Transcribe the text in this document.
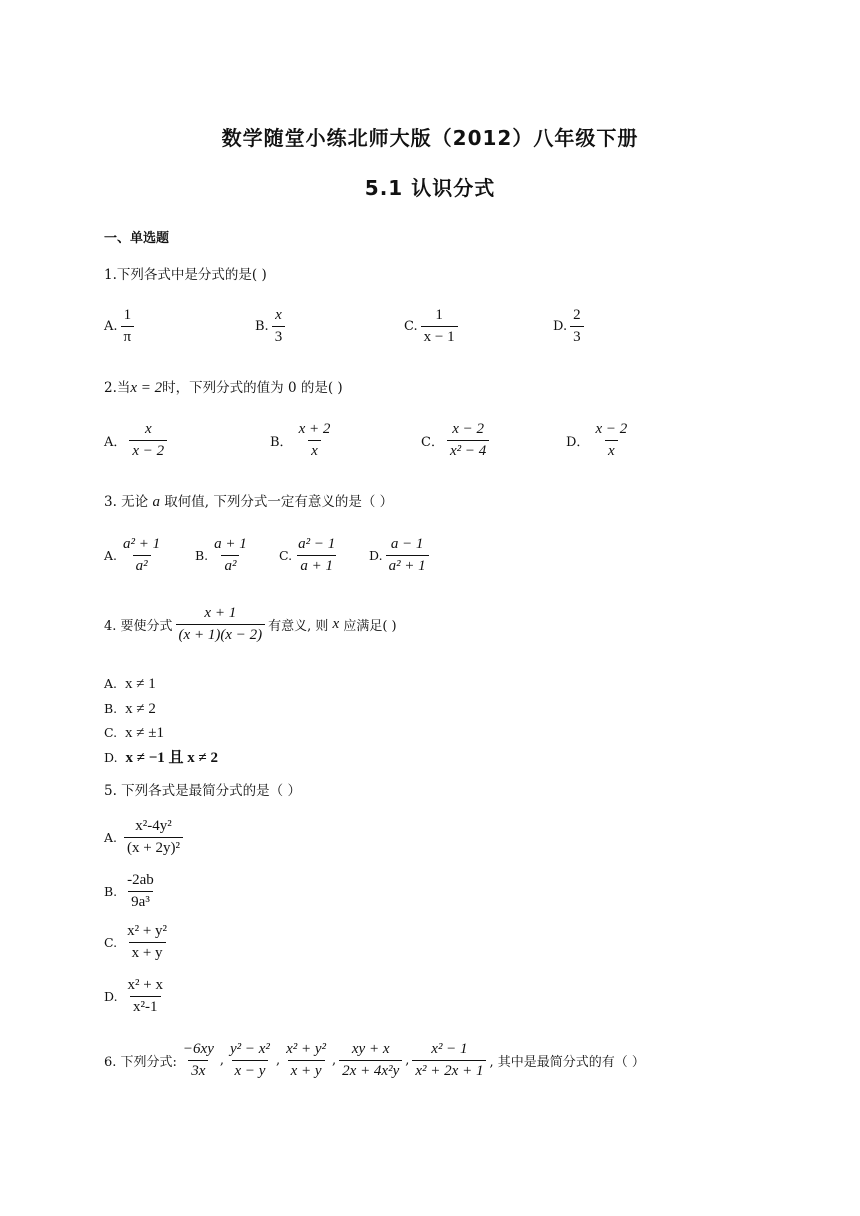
数学随堂小练北师大版（2012）八年级下册
5.1 认识分式
一、单选题
1.下列各式中是分式的是( )
A. $\frac{1}{\pi}$	B. $\frac{x}{3}$	C. $\frac{1}{x - 1}$	D. $\frac{2}{3}$
2.当x = 2时，下列分式的值为 0 的是( )
A． $\frac{x}{x - 2}$	B． $\frac{x + 2}{x}$	C． $\frac{x - 2}{\text{x² − 4}}$	D． $\frac{x - 2}{x}$
3. 无论 a 取何值, 下列分式一定有意义的是（ ）
A. $\frac{\text{a² + 1}}{\text{a²}}$	B. $\frac{a + 1}{\text{a²}} C$. $\frac{\text{a² − 1}}{a + 1} D$. $\frac{a - 1}{\text{a² + 1}}$
4. 要使分式 $\frac{x + 1}{(x + 1)(x - 2)}$ 有意义, 则
x
应满足( )
A. x ≠ 1
B. x ≠ 2
C. x ≠ ±1
D. x ≠ −1 且 x ≠ 2
5. 下列各式是最简分式的是（ ）
A.
$\frac{\text{x²-4y²}}{\text{(x + 2y)²}}$
B.
$\frac{-2ab}{\text{9a³}}$
C.
$\frac{\text{x² + y²}}{x + y}$
D.
$\frac{\text{x² + x}}{\text{x²-1}}$
6. 下列分式: $\frac{-6xy}{3x}$ , $\frac{\text{y² − x²}}{x - y}$ , $\frac{\text{x² + y²}}{x + y}$ , $\frac{xy + x}{\text{2x + 4x²y}}$ , $\frac{\text{x² − 1}}{\text{x² + 2x + 1}}$ , 其中是最简分式的有（ ）
